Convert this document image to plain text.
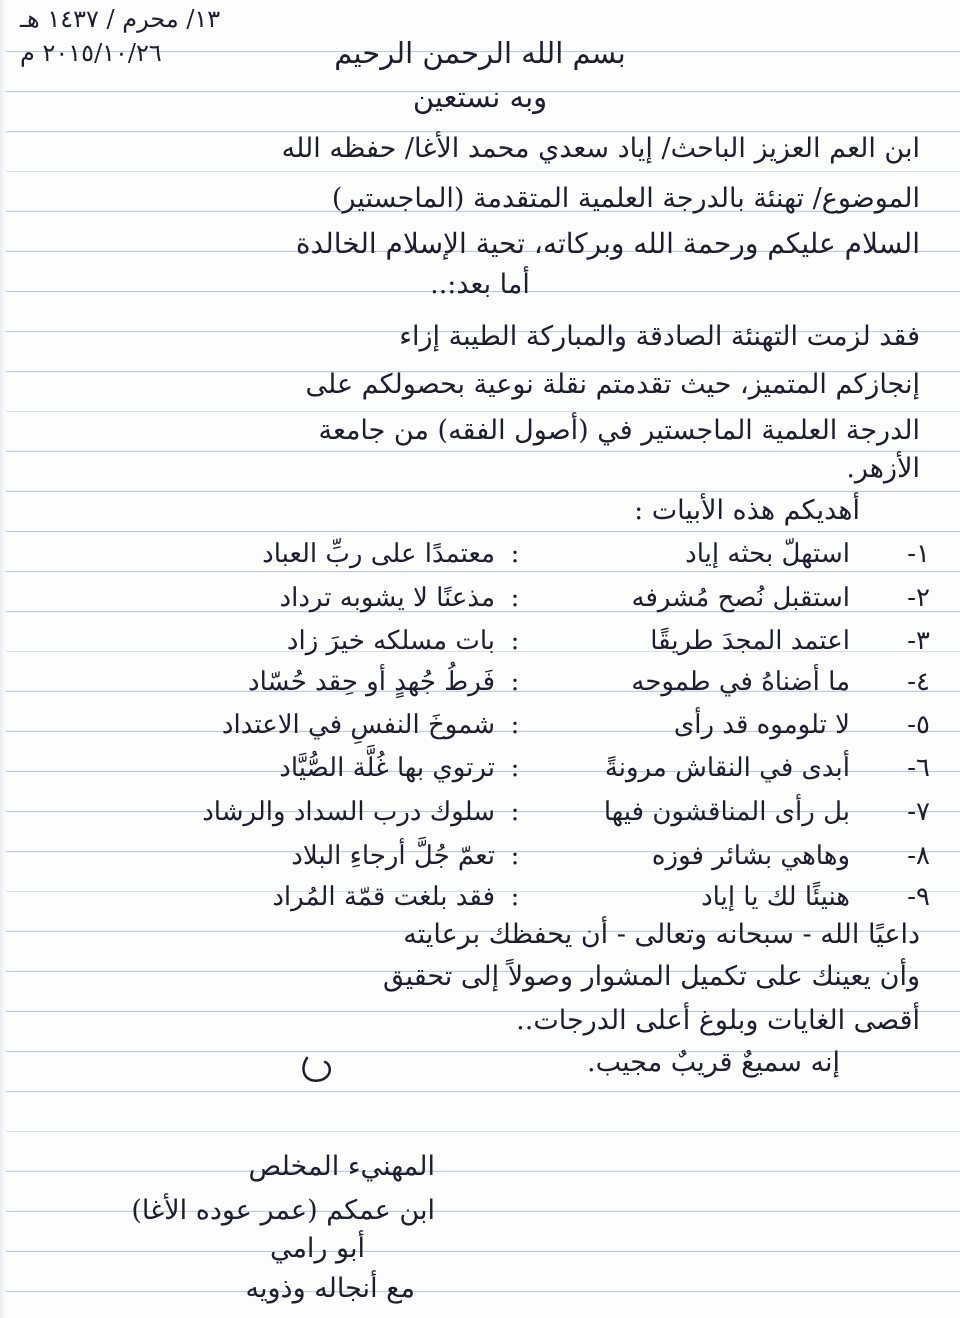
١٣/ محرم / ١٤٣٧ هـ
٢٠١٥/١٠/٢٦ م	بسم الله الرحمن الرحيم
وبه نستعين
ابن العم العزيز الباحث/ إياد سعدي محمد الأغا/ حفظه الله
الموضوع/ تهنئة بالدرجة العلمية المتقدمة (الماجستير)
السلام عليكم ورحمة الله وبركاته، تحية الإسلام الخالدة
أما بعد:..
فقد لزمت التهنئة الصادقة والمباركة الطيبة إزاء
إنجازكم المتميز، حيث تقدمتم نقلة نوعية بحصولكم على
الدرجة العلمية الماجستير في (أصول الفقه) من جامعة
الأزهر.
أهديكم هذه الأبيات :
١-
استهلّ بحثه إياد
:
معتمدًا على ربِّ العباد
٢-
استقبل نُصح مُشرفه
:
مذعنًا لا يشوبه ترداد
٣-
اعتمد المجدَ طريقًا
:
بات مسلكه خيرَ زاد
٤-
ما أضناهُ في طموحه
:
فَرطُ جُهدٍ أو حِقد حُسّاد
٥-
لا تلوموه قد رأى
:
شموخَ النفسِ في الاعتداد
٦-
أبدى في النقاش مرونةً
:
ترتوي بها غُلَّة الصُّيَّاد
٧-
بل رأى المناقشون فيها
:
سلوك درب السداد والرشاد
٨-
وهاهي بشائر فوزه
:
تعمّ جُلَّ أرجاءِ البلاد
٩-
هنيئًا لك يا إياد
:
فقد بلغت قمّة المُراد
داعيًا الله - سبحانه وتعالى - أن يحفظك برعايته
وأن يعينك على تكميل المشوار وصولاً إلى تحقيق
أقصى الغايات وبلوغ أعلى الدرجات..
إنه سميعٌ قريبٌ مجيب.
المهنيء المخلص
ابن عمكم (عمر عوده الأغا)
أبو رامي
مع أنجاله وذويه
